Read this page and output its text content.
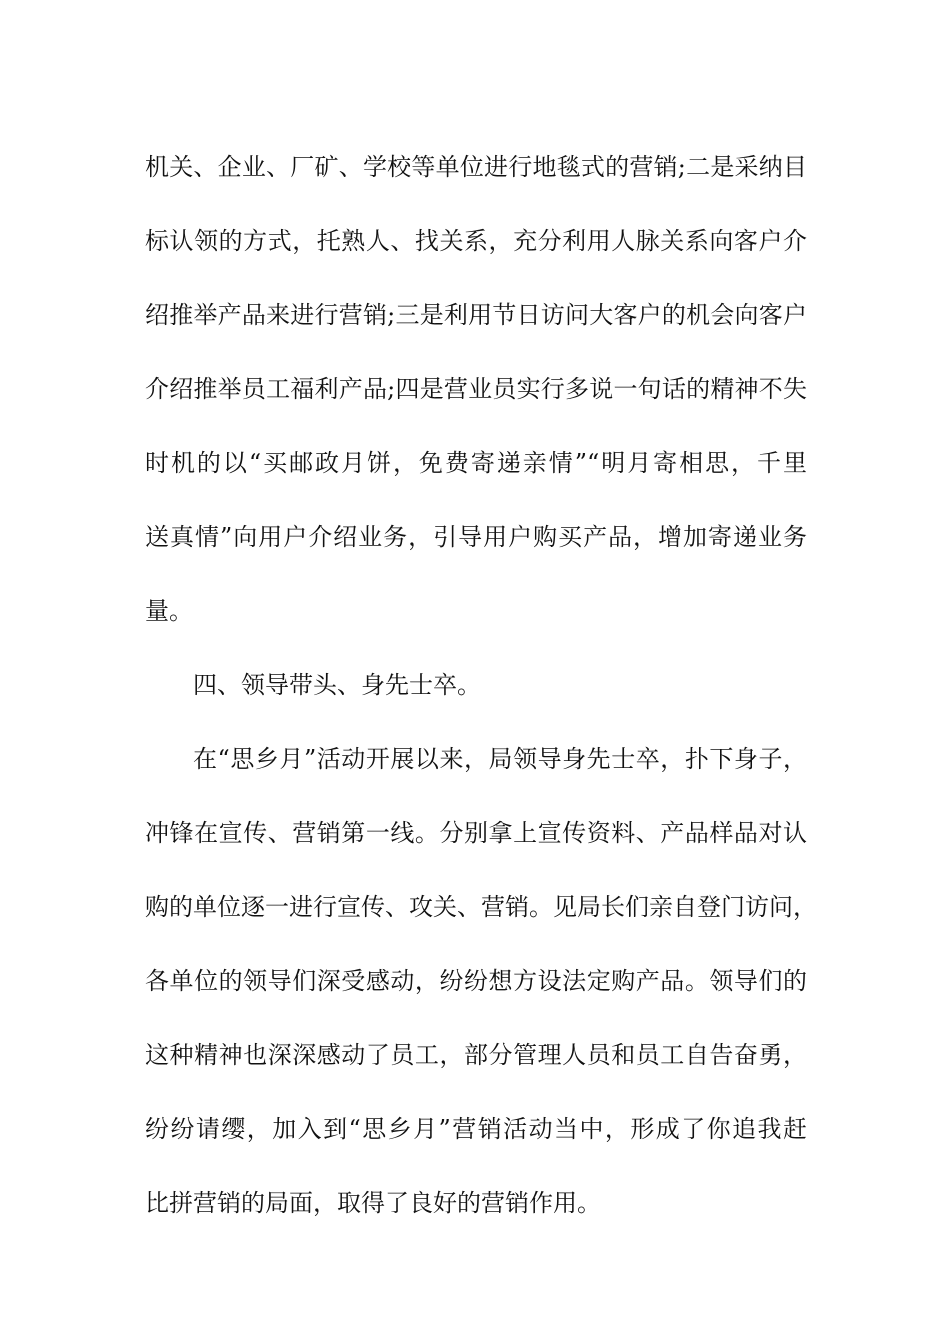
机关、企业、厂矿、学校等单位进行地毯式的营销;二是采纳目
标认领的方式，托熟人、找关系，充分利用人脉关系向客户介
绍推举产品来进行营销;三是利用节日访问大客户的机会向客户
介绍推举员工福利产品;四是营业员实行多说一句话的精神不失
时机的以“买邮政月饼，免费寄递亲情”“明月寄相思，千里
送真情”向用户介绍业务，引导用户购买产品，增加寄递业务
量。
四、领导带头、身先士卒。
在“思乡月”活动开展以来，局领导身先士卒，扑下身子，
冲锋在宣传、营销第一线。分别拿上宣传资料、产品样品对认
购的单位逐一进行宣传、攻关、营销。见局长们亲自登门访问，
各单位的领导们深受感动，纷纷想方设法定购产品。领导们的
这种精神也深深感动了员工，部分管理人员和员工自告奋勇，
纷纷请缨，加入到“思乡月”营销活动当中，形成了你追我赶
比拼营销的局面，取得了良好的营销作用。
